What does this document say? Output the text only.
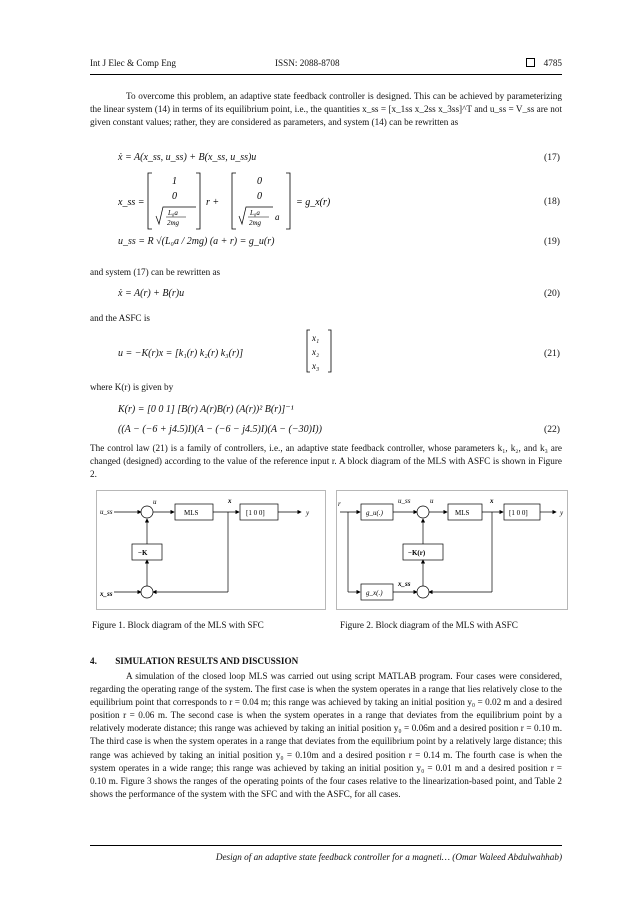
Int J Elec & Comp Eng	ISSN: 2088-8708	4785

To overcome this problem, an adaptive state feedback controller is designed. This can be achieved by parameterizing the linear system (14) in terms of its equilibrium point, i.e., the quantities x_ss = [x_1ss x_2ss x_3ss]^T and u_ss = V_ss are not given constant values; rather, they are considered as parameters, and system (14) can be rewritten as

ẋ = A(x_ss, u_ss) + B(x_ss, u_ss)u	(17)
x_ss =
1
0
L₀a
2mg
r +
0
0
L₀a
2mg
a
= g_x(r)	(18)
u_ss = R √(L₀a / 2mg) (a + r) = g_u(r)	(19)

and system (17) can be rewritten as

ẋ = A(r) + B(r)u	(20)

and the ASFC is

u = −K(r)x = [k₁(r) k₂(r) k₃(r)]
x₁
x₂
x₃
(21)

where K(r) is given by

K(r) = [0 0 1] [B(r) A(r)B(r) (A(r))² B(r)]⁻¹
((A − (−6 + j4.5)I)(A − (−6 − j4.5)I)(A − (−30)I))	(22)

The control law (21) is a family of controllers, i.e., an adaptive state feedback controller, whose parameters k₁, k₂, and k₃ are changed (designed) according to the value of the reference input r. A block diagram of the MLS with ASFC is shown in Figure 2.

u_ss
u
MLS
x
[1 0 0]	y
x_ss
−K
Figure 1. Block diagram of the MLS with SFC
r
g_u(.)
u_ss	u
MLS
x
[1 0 0]	y
g_x(.)
x_ss
−K(r)
Figure 2. Block diagram of the MLS with ASFC
4. SIMULATION RESULTS AND DISCUSSION

A simulation of the closed loop MLS was carried out using script MATLAB program. Four cases were considered, regarding the operating range of the system. The first case is when the system operates in a range that lies relatively close to the equilibrium point that corresponds to r = 0.04 m; this range was achieved by taking an initial position y₀ = 0.02 m and a desired position r = 0.06 m. The second case is when the system operates in a range that deviates from the equilibrium point by a relatively moderate distance; this range was achieved by taking an initial position y₀ = 0.06m and a desired position r = 0.10 m. The third case is when the system operates in a range that deviates from the equilibrium point by a relatively large distance; this range was achieved by taking an initial position y₀ = 0.10m and a desired position r = 0.14 m. The fourth case is when the system operates in a wide range; this range was achieved by taking an initial position y₀ = 0.01 m and a desired position r = 0.10 m. Figure 3 shows the ranges of the operating points of the four cases relative to the linearization-based point, and Table 2 shows the performance of the system with the SFC and with the ASFC, for all cases.

Design of an adaptive state feedback controller for a magneti… (Omar Waleed Abdulwahhab)
